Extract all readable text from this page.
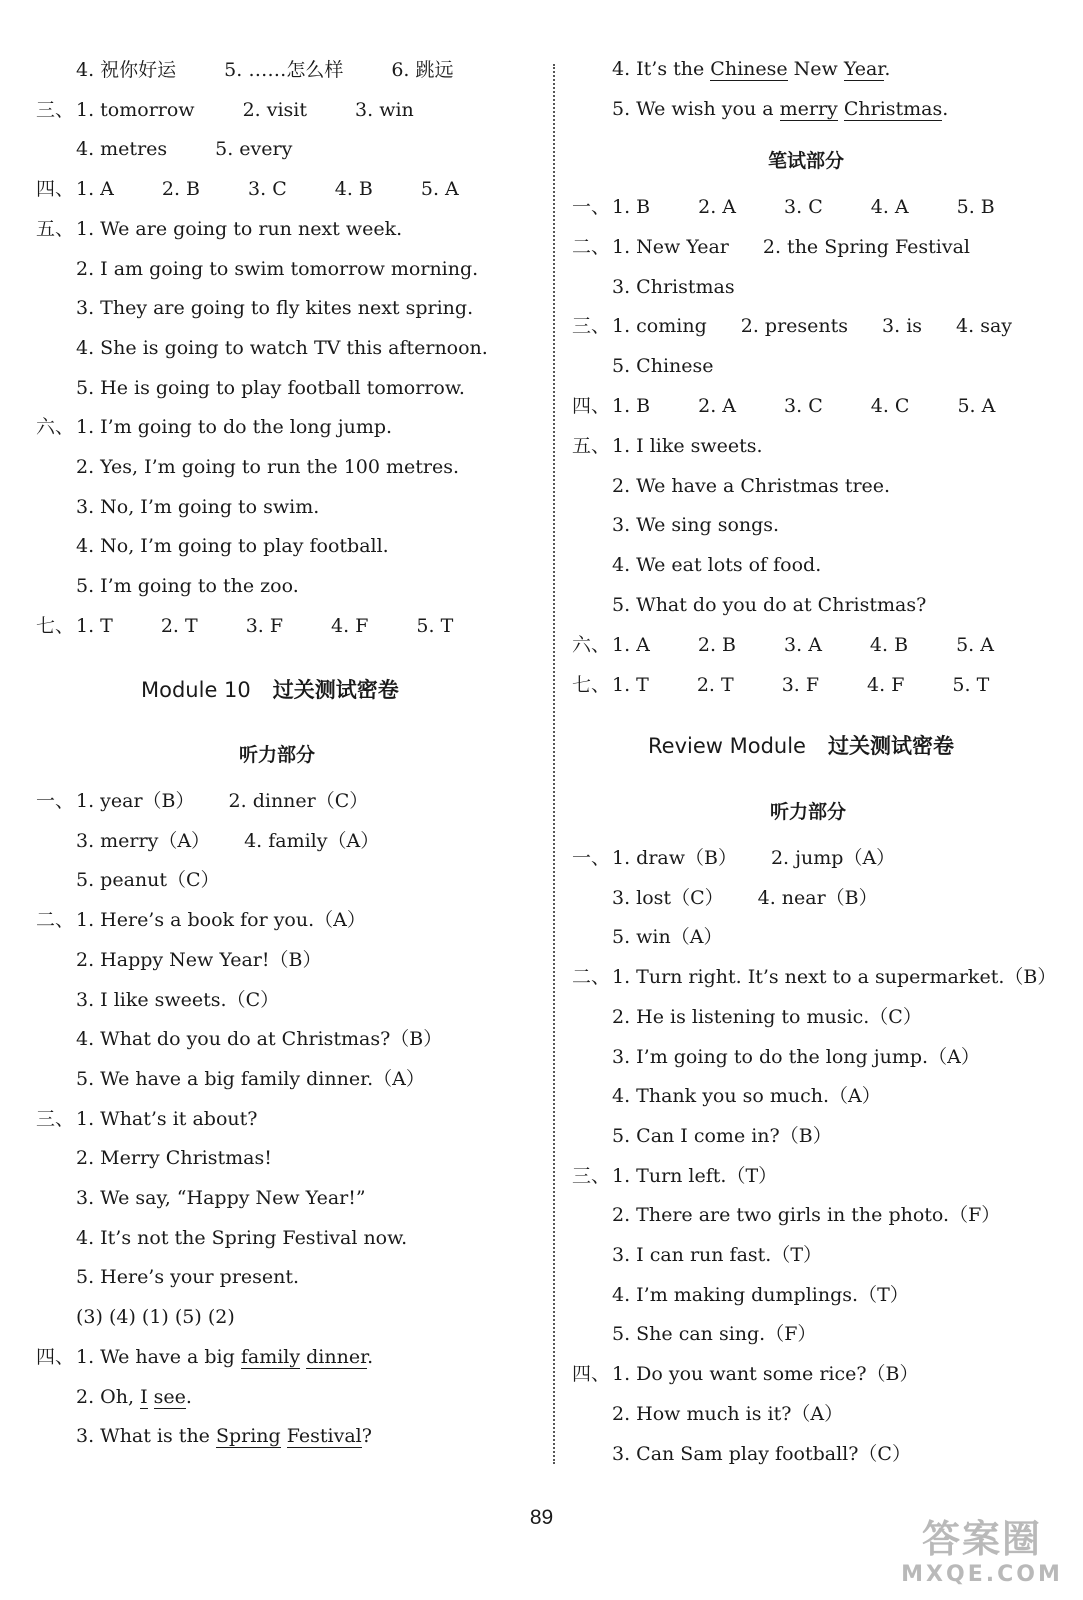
4. 祝你好运	5. ……怎么样	6. 跳远
三、 1. tomorrow	2. visit	3. win
4. metres	5. every
四、 1. A	2. B	3. C	4. B	5. A
五、 1. We are going to run next week.
2. I am going to swim tomorrow morning.
3. They are going to fly kites next spring.
4. She is going to watch TV this afternoon.
5. He is going to play football tomorrow.
六、 1. I’m going to do the long jump.
2. Yes, I’m going to run the 100 metres.
3. No, I’m going to swim.
4. No, I’m going to play football.
5. I’m going to the zoo.
七、 1. T	2. T	3. F	4. F	5. T
Module 10 过关测试密卷
听力部分
一、 1. year（B） 2. dinner（C）
3. merry（A） 4. family（A）
5. peanut（C）
二、 1. Here’s a book for you.（A）
2. Happy New Year!（B）
3. I like sweets.（C）
4. What do you do at Christmas?（B）
5. We have a big family dinner.（A）
三、 1. What’s it about?
2. Merry Christmas!
3. We say, “Happy New Year!”
4. It’s not the Spring Festival now.
5. Here’s your present.
(3) (4) (1) (5) (2)
四、 1. We have a big family dinner.
2. Oh, I see.
3. What is the Spring Festival?
4. It’s the Chinese New Year.
5. We wish you a merry Christmas.
笔试部分
一、 1. B	2. A	3. C	4. A	5. B
二、 1. New Year 2. the Spring Festival
3. Christmas
三、 1. coming 2. presents 3. is 4. say
5. Chinese
四、 1. B	2. A	3. C	4. C	5. A
五、 1. I like sweets.
2. We have a Christmas tree.
3. We sing songs.
4. We eat lots of food.
5. What do you do at Christmas?
六、 1. A	2. B	3. A	4. B	5. A
七、 1. T	2. T	3. F	4. F	5. T
Review Module 过关测试密卷
听力部分
一、 1. draw（B） 2. jump（A）
3. lost（C） 4. near（B）
5. win（A）
二、 1. Turn right. It’s next to a supermarket.（B）
2. He is listening to music.（C）
3. I’m going to do the long jump.（A）
4. Thank you so much.（A）
5. Can I come in?（B）
三、 1. Turn left.（T）
2. There are two girls in the photo.（F）
3. I can run fast.（T）
4. I’m making dumplings.（T）
5. She can sing.（F）
四、 1. Do you want some rice?（B）
2. How much is it?（A）
3. Can Sam play football?（C）
89	答案圈
MXQE.COM
